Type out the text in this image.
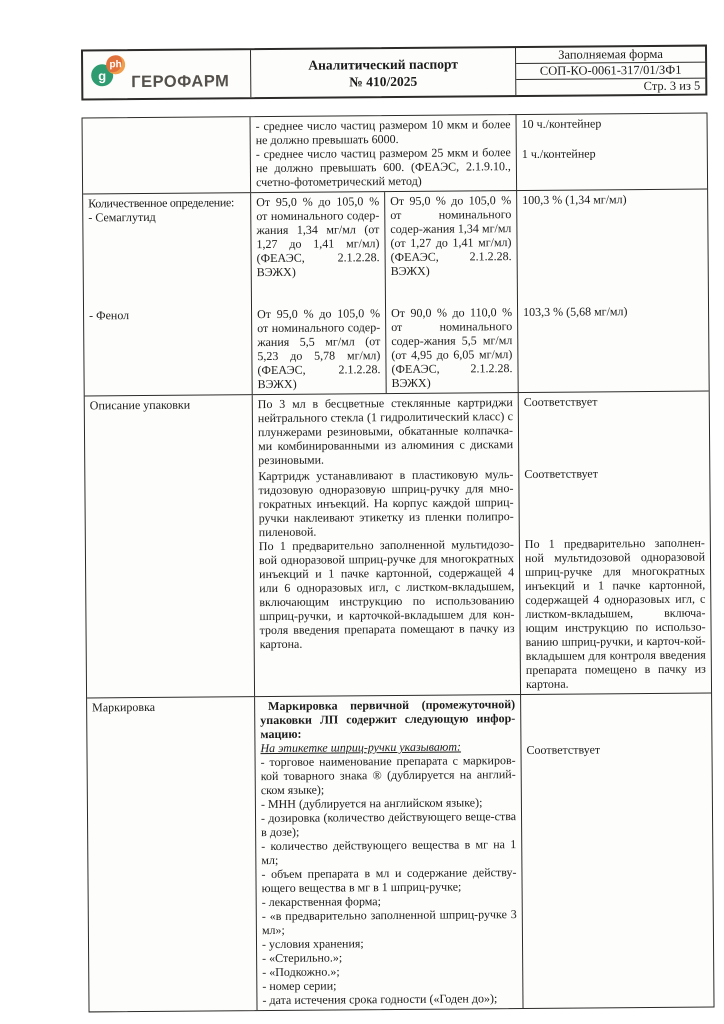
g
ph
ГЕРОФАРМ
Аналитический паспорт
№ 410/2025
Заполняемая форма
СОП-КО-0061-317/01/ЗФ1
Стр. 3 из 5
- среднее число частиц размером 10 мкм и более не должно превышать 6000.
- среднее число частиц размером 25 мкм и более не должно превышать 600. (ФЕАЭС, 2.1.9.10., счетно-фотометрический метод)
10 ч./контейнер
1 ч./контейнер
Количественное определение:
- Семаглутид
- Фенол
От 95,0 % до 105,0 % от номинального содер-жания 1,34 мг/мл (от 1,27 до 1,41 мг/мл) (ФЕАЭС, 2.1.2.28. ВЭЖХ)
От 95,0 % до 105,0 % от номинального содер-жания 5,5 мг/мл (от 5,23 до 5,78 мг/мл) (ФЕАЭС, 2.1.2.28. ВЭЖХ)
От 95,0 % до 105,0 % от номинального содер-жания 1,34 мг/мл (от 1,27 до 1,41 мг/мл) (ФЕАЭС, 2.1.2.28. ВЭЖХ)
От 90,0 % до 110,0 % от номинального содер-жания 5,5 мг/мл (от 4,95 до 6,05 мг/мл) (ФЕАЭС, 2.1.2.28. ВЭЖХ)
100,3 % (1,34 мг/мл)
103,3 % (5,68 мг/мл)
Описание упаковки	По 3 мл в бесцветные стеклянные картриджи нейтрального стекла (1 гидролитический класс) с плунжерами резиновыми, обкатанные колпачка-ми комбинированными из алюминия с дисками резиновыми.
Картридж устанавливают в пластиковую муль-тидозовую одноразовую шприц-ручку для мно-гократных инъекций. На корпус каждой шприц-ручки наклеивают этикетку из пленки полипро-пиленовой.
По 1 предварительно заполненной мультидозо-вой одноразовой шприц-ручке для многократных инъекций и 1 пачке картонной, содержащей 4 или 6 одноразовых игл, с листком-вкладышем, включающим инструкцию по использованию шприц-ручки, и карточкой-вкладышем для кон-троля введения препарата помещают в пачку из картона.
Соответствует
Соответствует
По 1 предварительно заполнен-ной мультидозовой одноразовой шприц-ручке для многократных инъекций и 1 пачке картонной, содержащей 4 одноразовых игл, с листком-вкладышем, включа-ющим инструкцию по использо-ванию шприц-ручки, и карточ-кой-вкладышем для контроля введения препарата помещено в пачку из картона.
Маркировка	Маркировка первичной (промежуточной) упаковки ЛП содержит следующую инфор-мацию:
На этикетке шприц-ручки указывают:
- торговое наименование препарата с маркиров-кой товарного знака ® (дублируется на англий-ском языке);
- МНН (дублируется на английском языке);
- дозировка (количество действующего веще-ства в дозе);
- количество действующего вещества в мг на 1 мл;
- объем препарата в мл и содержание действу-ющего вещества в мг в 1 шприц-ручке;
- лекарственная форма;
- «в предварительно заполненной шприц-ручке 3 мл»;
- условия хранения;
- «Стерильно.»;
- «Подкожно.»;
- номер серии;
- дата истечения срока годности («Годен до»);
Соответствует
